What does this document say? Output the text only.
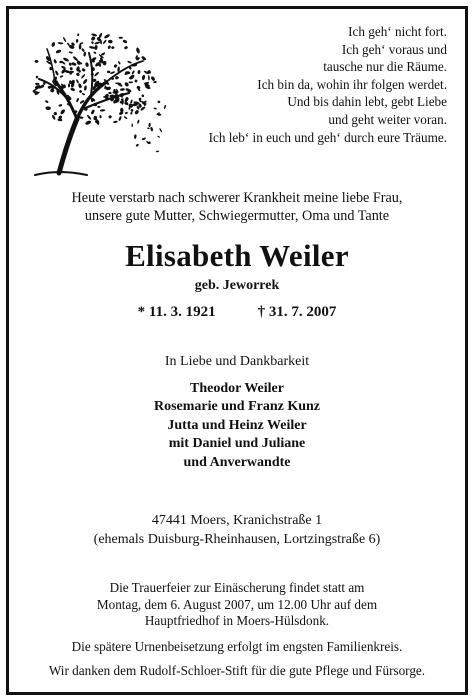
Ich geh‘ nicht fort.
Ich geh‘ voraus und
tausche nur die Räume.
Ich bin da, wohin ihr folgen werdet.
Und bis dahin lebt, gebt Liebe
und geht weiter voran.
Ich leb‘ in euch und geh‘ durch eure Träume.
Heute verstarb nach schwerer Krankheit meine liebe Frau,
unsere gute Mutter, Schwiegermutter, Oma und Tante
Elisabeth Weiler
geb. Jeworrek
* 11. 3. 1921	† 31. 7. 2007
In Liebe und Dankbarkeit
Theodor Weiler
Rosemarie und Franz Kunz
Jutta und Heinz Weiler
mit Daniel und Juliane
und Anverwandte
47441 Moers, Kranichstraße 1
(ehemals Duisburg-Rheinhausen, Lortzingstraße 6)
Die Trauerfeier zur Einäscherung findet statt am
Montag, dem 6. August 2007, um 12.00 Uhr auf dem
Hauptfriedhof in Moers-Hülsdonk.
Die spätere Urnenbeisetzung erfolgt im engsten Familienkreis.
Wir danken dem Rudolf-Schloer-Stift für die gute Pflege und Fürsorge.
